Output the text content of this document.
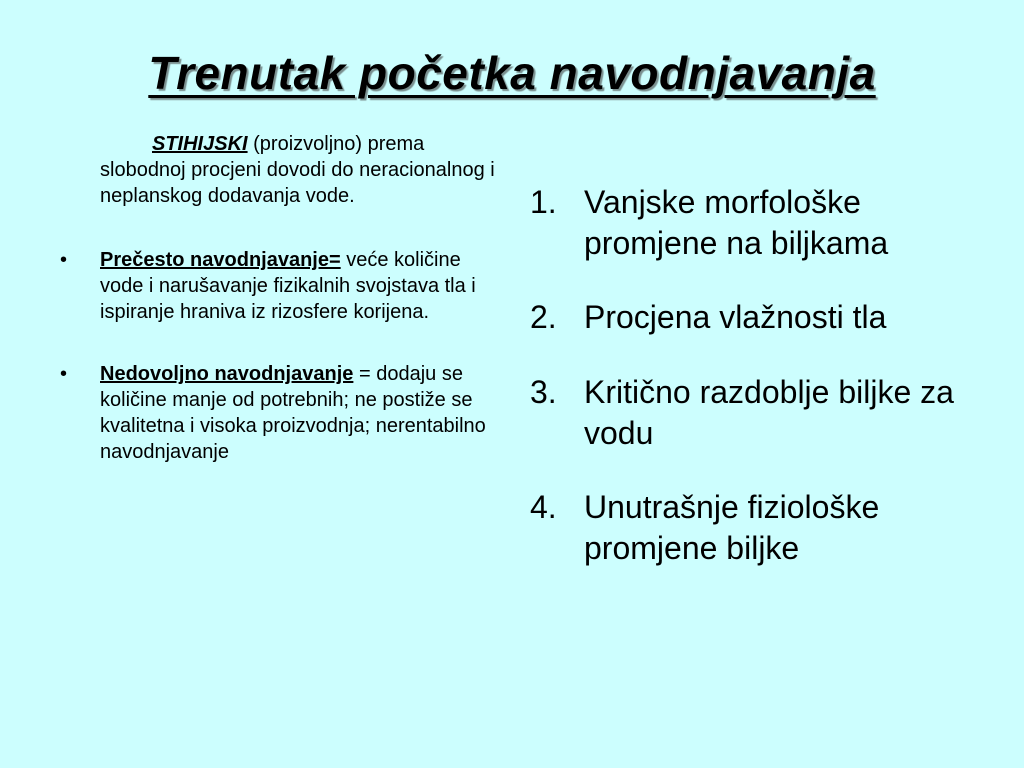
Trenutak početka navodnjavanja

STIHIJSKI (proizvoljno) prema slobodnoj procjeni dovodi do neracionalnog i neplanskog dodavanja vode.

• Prečesto navodnjavanje= veće količine vode i narušavanje fizikalnih svojstava tla i ispiranje hraniva iz rizosfere korijena.
• Nedovoljno navodnjavanje = dodaju se količine manje od potrebnih; ne postiže se kvalitetna i visoka proizvodnja; nerentabilno navodnjavanje
1. Vanjske morfološke promjene na biljkama
2. Procjena vlažnosti tla
3. Kritično razdoblje biljke za vodu
4. Unutrašnje fiziološke promjene biljke
